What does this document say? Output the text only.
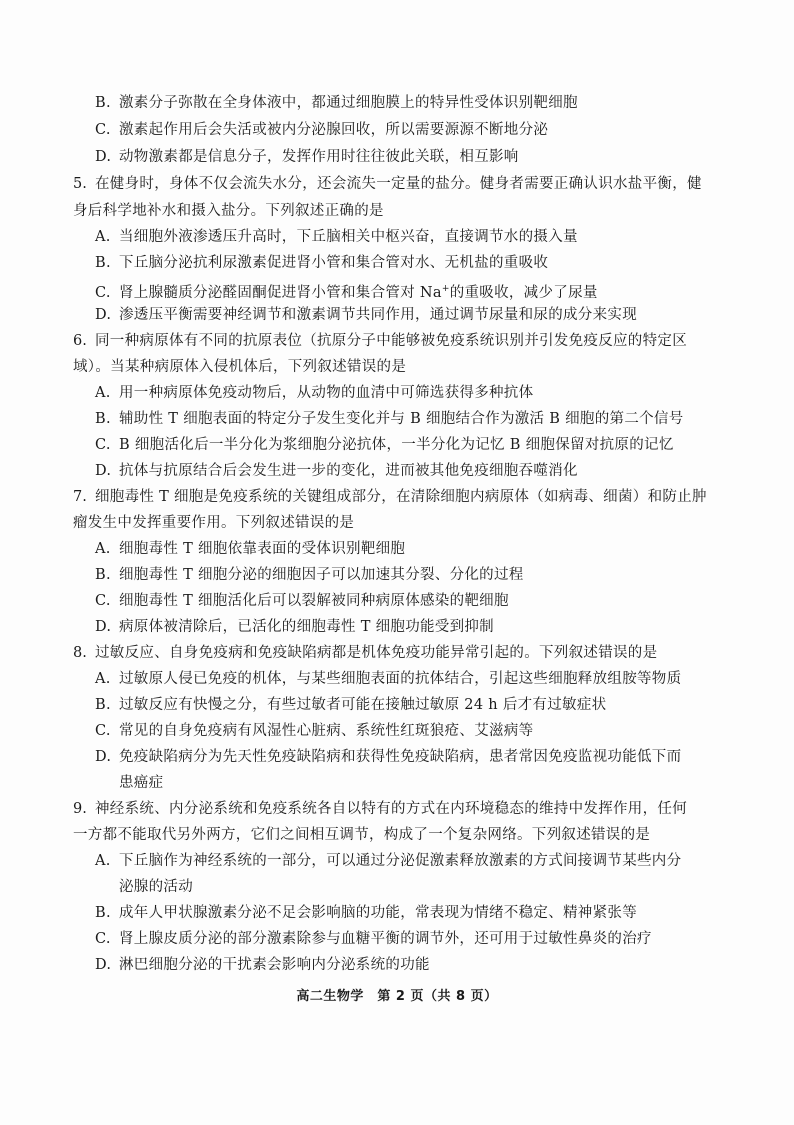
B. 激素分子弥散在全身体液中，都通过细胞膜上的特异性受体识别靶细胞
C. 激素起作用后会失活或被内分泌腺回收，所以需要源源不断地分泌
D. 动物激素都是信息分子，发挥作用时往往彼此关联，相互影响
5. 在健身时，身体不仅会流失水分，还会流失一定量的盐分。健身者需要正确认识水盐平衡，健
身后科学地补水和摄入盐分。下列叙述正确的是
A. 当细胞外液渗透压升高时，下丘脑相关中枢兴奋，直接调节水的摄入量
B. 下丘脑分泌抗利尿激素促进肾小管和集合管对水、无机盐的重吸收
C. 肾上腺髓质分泌醛固酮促进肾小管和集合管对 Na+的重吸收，减少了尿量
D. 渗透压平衡需要神经调节和激素调节共同作用，通过调节尿量和尿的成分来实现
6. 同一种病原体有不同的抗原表位（抗原分子中能够被免疫系统识别并引发免疫反应的特定区
域）。当某种病原体入侵机体后，下列叙述错误的是
A. 用一种病原体免疫动物后，从动物的血清中可筛选获得多种抗体
B. 辅助性 T 细胞表面的特定分子发生变化并与 B 细胞结合作为激活 B 细胞的第二个信号
C. B 细胞活化后一半分化为浆细胞分泌抗体，一半分化为记忆 B 细胞保留对抗原的记忆
D. 抗体与抗原结合后会发生进一步的变化，进而被其他免疫细胞吞噬消化
7. 细胞毒性 T 细胞是免疫系统的关键组成部分，在清除细胞内病原体（如病毒、细菌）和防止肿
瘤发生中发挥重要作用。下列叙述错误的是
A. 细胞毒性 T 细胞依靠表面的受体识别靶细胞
B. 细胞毒性 T 细胞分泌的细胞因子可以加速其分裂、分化的过程
C. 细胞毒性 T 细胞活化后可以裂解被同种病原体感染的靶细胞
D. 病原体被清除后，已活化的细胞毒性 T 细胞功能受到抑制
8. 过敏反应、自身免疫病和免疫缺陷病都是机体免疫功能异常引起的。下列叙述错误的是
A. 过敏原人侵已免疫的机体，与某些细胞表面的抗体结合，引起这些细胞释放组胺等物质
B. 过敏反应有快慢之分，有些过敏者可能在接触过敏原 24 h 后才有过敏症状
C. 常见的自身免疫病有风湿性心脏病、系统性红斑狼疮、艾滋病等
D. 免疫缺陷病分为先天性免疫缺陷病和获得性免疫缺陷病，患者常因免疫监视功能低下而
患癌症
9. 神经系统、内分泌系统和免疫系统各自以特有的方式在内环境稳态的维持中发挥作用，任何
一方都不能取代另外两方，它们之间相互调节，构成了一个复杂网络。下列叙述错误的是
A. 下丘脑作为神经系统的一部分，可以通过分泌促激素释放激素的方式间接调节某些内分
泌腺的活动
B. 成年人甲状腺激素分泌不足会影响脑的功能，常表现为情绪不稳定、精神紧张等
C. 肾上腺皮质分泌的部分激素除参与血糖平衡的调节外，还可用于过敏性鼻炎的治疗
D. 淋巴细胞分泌的干扰素会影响内分泌系统的功能
高二生物学　第 2 页（共 8 页）
